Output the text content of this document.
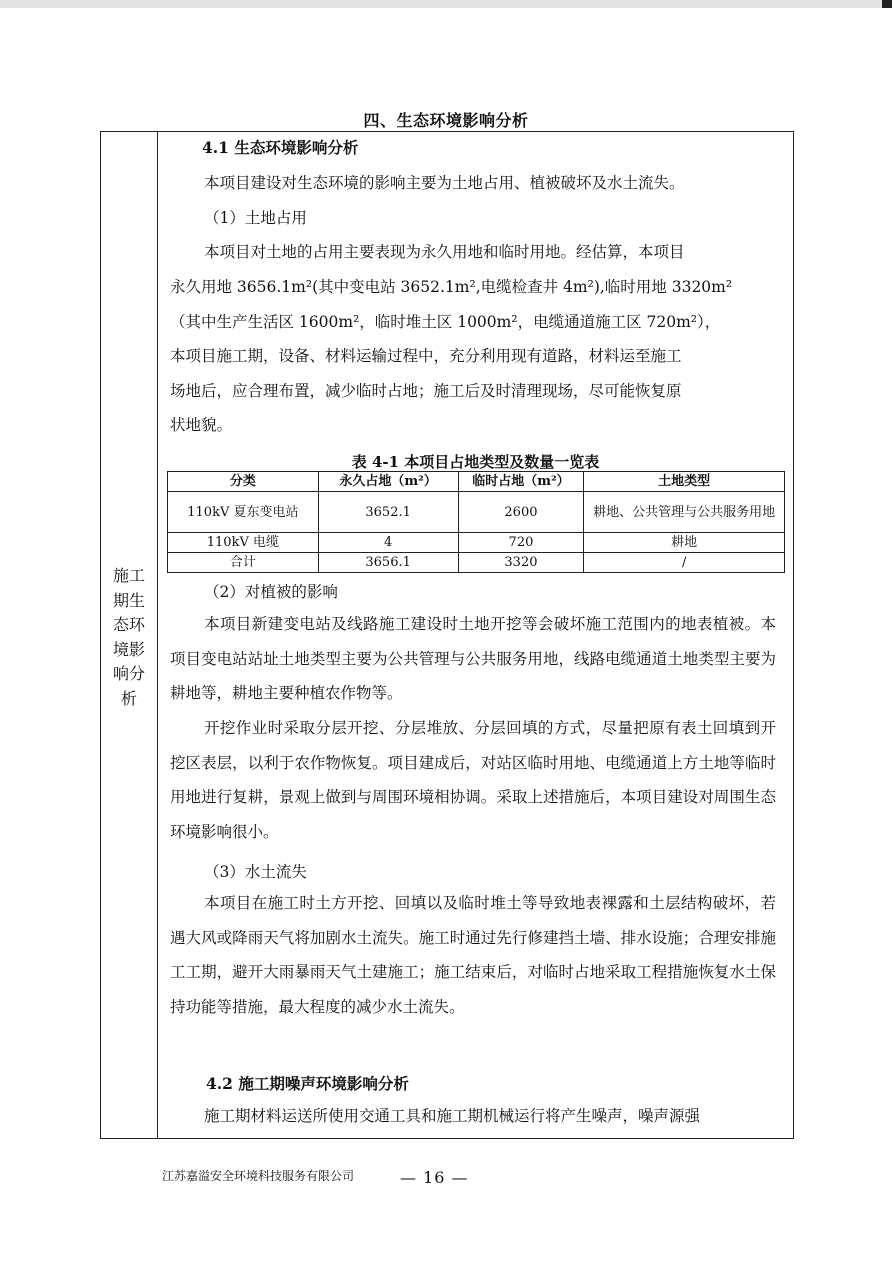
四、生态环境影响分析
施工
期生
态环
境影
响分
析
4.1 生态环境影响分析
本项目建设对生态环境的影响主要为土地占用、植被破坏及水土流失。
（1）土地占用
本项目对土地的占用主要表现为永久用地和临时用地。经估算，本项目
永久用地 3656.1m²(其中变电站 3652.1m²,电缆检查井 4m²),临时用地 3320m²
（其中生产生活区 1600m²，临时堆土区 1000m²，电缆通道施工区 720m²），
本项目施工期，设备、材料运输过程中，充分利用现有道路，材料运至施工
场地后，应合理布置，减少临时占地；施工后及时清理现场，尽可能恢复原
状地貌。
表 4-1 本项目占地类型及数量一览表
分类	永久占地（m²）	临时占地（m²）	土地类型
110kV 夏东变电站	3652.1	2600	耕地、公共管理与公共服务用地
110kV 电缆	4	720	耕地
合计	3656.1	3320	/
（2）对植被的影响

本项目新建变电站及线路施工建设时土地开挖等会破坏施工范围内的地表植被。本项目变电站站址土地类型主要为公共管理与公共服务用地，线路电缆通道土地类型主要为耕地等，耕地主要种植农作物等。

开挖作业时采取分层开挖、分层堆放、分层回填的方式，尽量把原有表土回填到开挖区表层，以利于农作物恢复。项目建成后，对站区临时用地、电缆通道上方土地等临时用地进行复耕，景观上做到与周围环境相协调。采取上述措施后，本项目建设对周围生态环境影响很小。

（3）水土流失

本项目在施工时土方开挖、回填以及临时堆土等导致地表裸露和土层结构破坏，若遇大风或降雨天气将加剧水土流失。施工时通过先行修建挡土墙、排水设施；合理安排施工工期，避开大雨暴雨天气土建施工；施工结束后，对临时占地采取工程措施恢复水土保持功能等措施，最大程度的减少水土流失。

4.2 施工期噪声环境影响分析

施工期材料运送所使用交通工具和施工期机械运行将产生噪声，噪声源强

江苏嘉溢安全环境科技服务有限公司	— 16 —
